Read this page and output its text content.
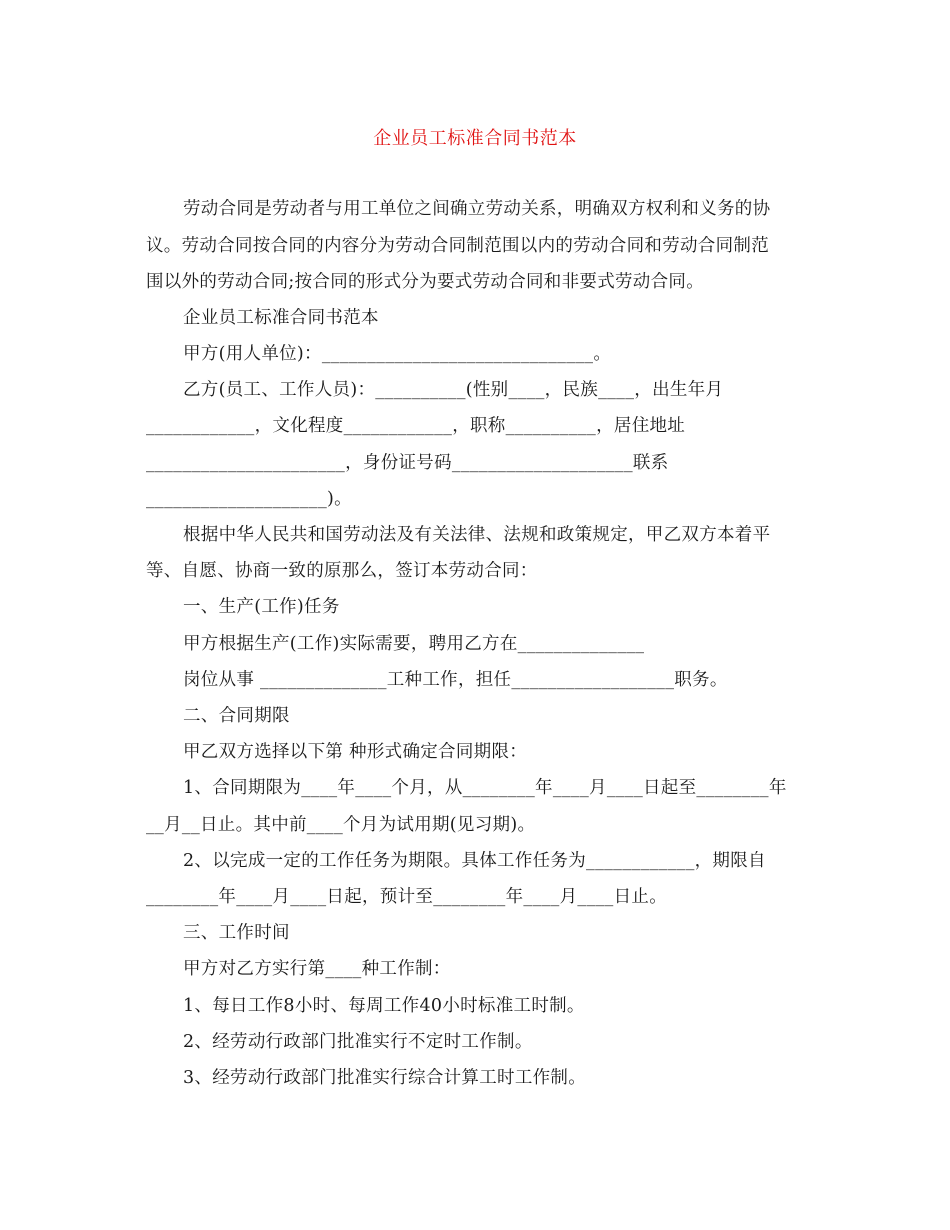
企业员工标准合同书范本
劳动合同是劳动者与用工单位之间确立劳动关系，明确双方权利和义务的协
议。劳动合同按合同的内容分为劳动合同制范围以内的劳动合同和劳动合同制范
围以外的劳动合同;按合同的形式分为要式劳动合同和非要式劳动合同。
企业员工标准合同书范本
甲方(用人单位)：______________________________。
乙方(员工、工作人员)：__________(性别____，民族____，出生年月
____________，文化程度____________，职称__________，居住地址
______________________，身份证号码____________________联系
____________________)。
根据中华人民共和国劳动法及有关法律、法规和政策规定，甲乙双方本着平
等、自愿、协商一致的原那么，签订本劳动合同：
一、生产(工作)任务
甲方根据生产(工作)实际需要，聘用乙方在______________
岗位从事 ______________工种工作，担任__________________职务。
二、合同期限
甲乙双方选择以下第 种形式确定合同期限：
1、合同期限为____年____个月，从________年____月____日起至________年
__月__日止。其中前____个月为试用期(见习期)。
2、以完成一定的工作任务为期限。具体工作任务为____________，期限自
________年____月____日起，预计至________年____月____日止。
三、工作时间
甲方对乙方实行第____种工作制：
1、每日工作8小时、每周工作40小时标准工时制。
2、经劳动行政部门批准实行不定时工作制。
3、经劳动行政部门批准实行综合计算工时工作制。
